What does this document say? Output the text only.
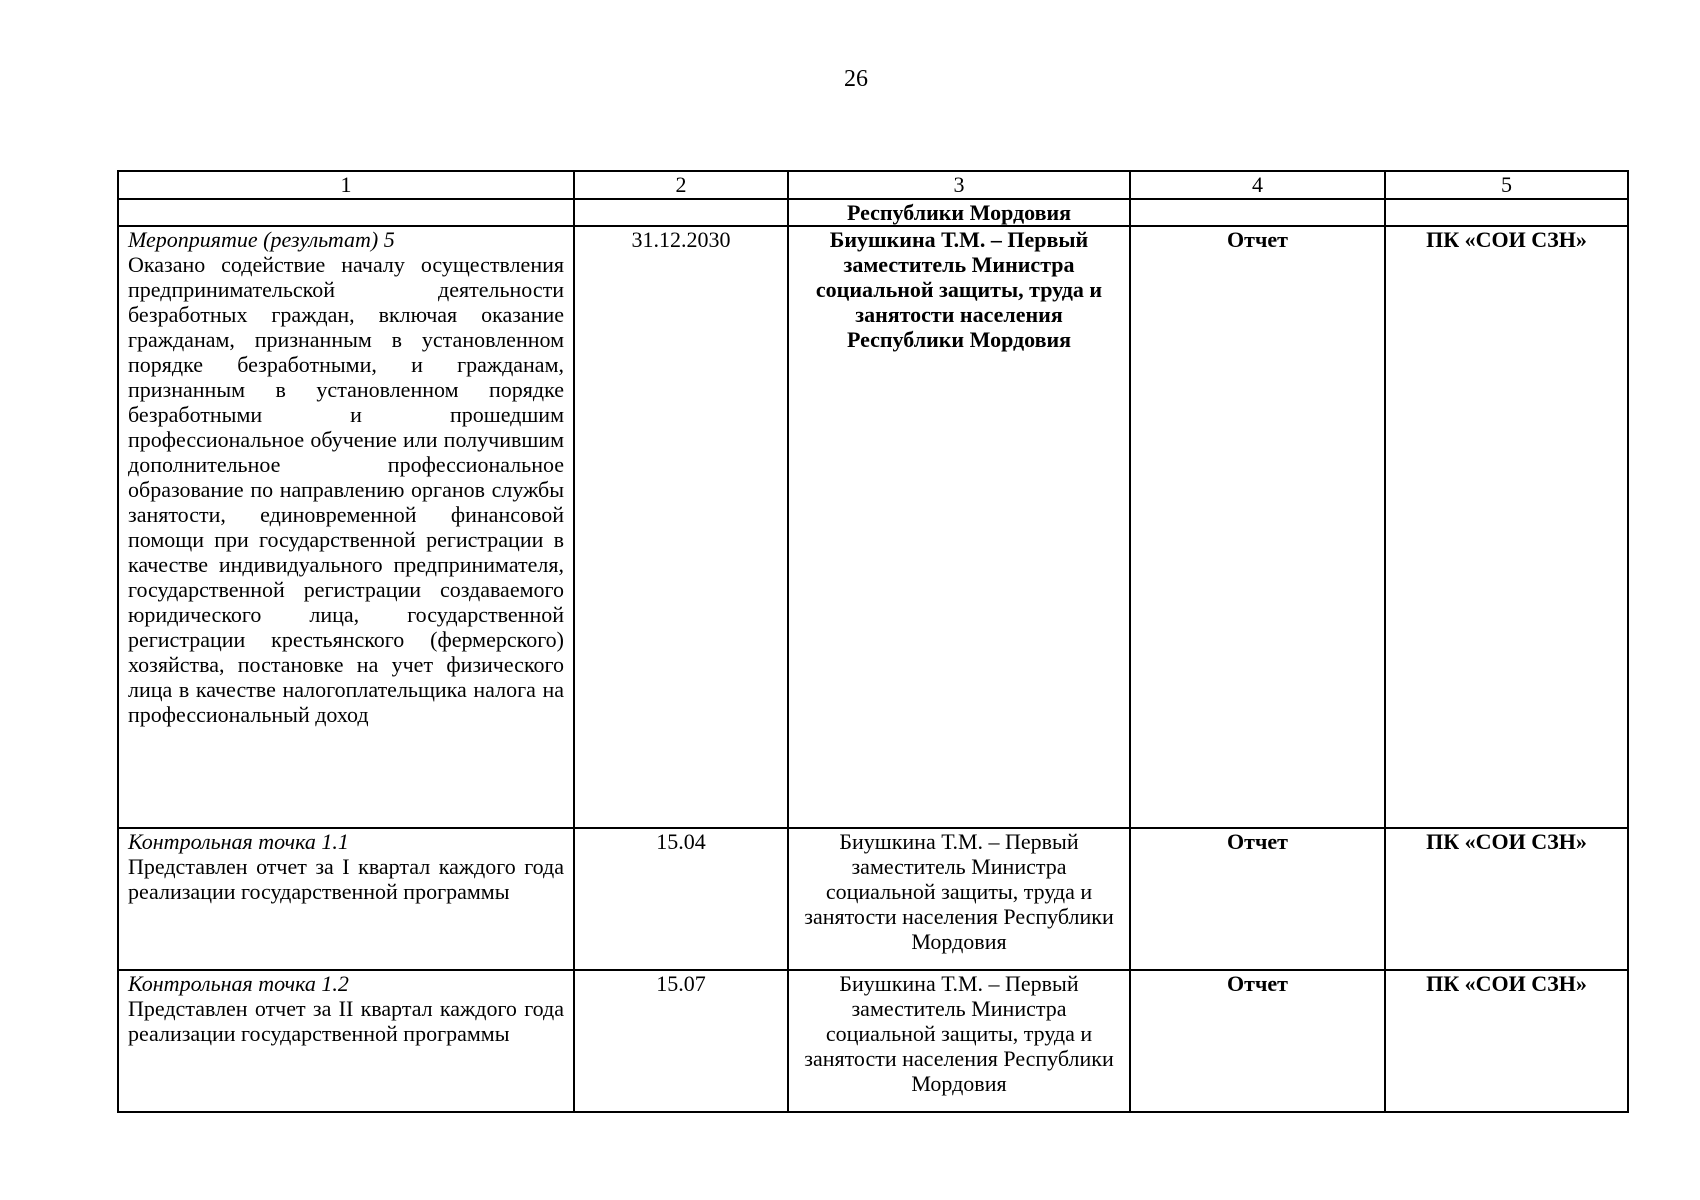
26
1	2	3	4	5
		Республики Мордовия		

Мероприятие (результат) 5
Оказано содействие началу осуществления предпринимательской деятельности безработных граждан, включая оказание гражданам, признанным в установленном порядке безработными, и гражданам, признанным в установленном порядке безработными и прошедшим профессиональное обучение или получившим дополнительное профессиональное образование по направлению органов службы занятости, единовременной финансовой помощи при государственной регистрации в качестве индивидуального предпринимателя, государственной регистрации создаваемого юридического лица, государственной регистрации крестьянского (фермерского) хозяйства, постановке на учет физического лица в качестве налогоплательщика налога на профессиональный доход	31.12.2030	Биушкина Т.М. – Первый заместитель Министра социальной защиты, труда и занятости населения Республики Мордовия	Отчет	ПК «СОИ СЗН»

Контрольная точка 1.1
Представлен отчет за I квартал каждого года реализации государственной программы	15.04	Биушкина Т.М. – Первый заместитель Министра социальной защиты, труда и занятости населения Республики Мордовия	Отчет	ПК «СОИ СЗН»

Контрольная точка 1.2
Представлен отчет за II квартал каждого года реализации государственной программы	15.07	Биушкина Т.М. – Первый заместитель Министра социальной защиты, труда и занятости населения Республики Мордовия	Отчет	ПК «СОИ СЗН»
